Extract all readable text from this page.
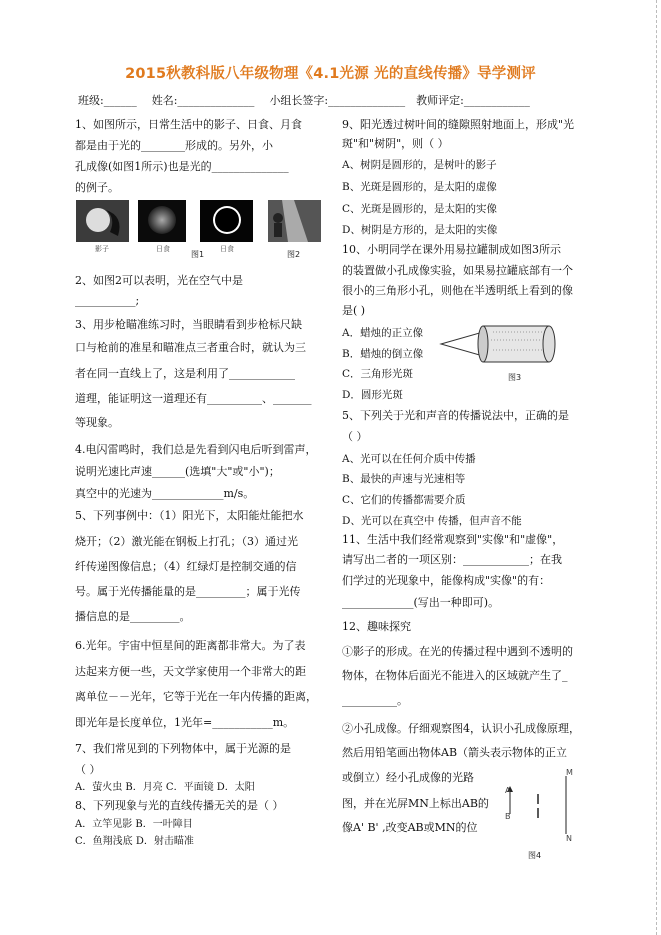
2015秋教科版八年级物理《4.1光源 光的直线传播》导学测评
班级:______ 姓名:______________ 小组长签字:______________ 教师评定:____________
1、如图所示，日常生活中的影子、日食、月食
都是由于光的________形成的。另外，小
孔成像(如图1所示)也是光的______________
的例子。
影子	日食	日食
图1	图2
2、如图2可以表明，光在空气中是
___________;
3、用步枪瞄准练习时，当眼睛看到步枪标尺缺
口与枪前的准星和瞄准点三者重合时，就认为三
者在同一直线上了，这是利用了____________
道理，能证明这一道理还有__________、_______
等现象。
4.电闪雷鸣时，我们总是先看到闪电后听到雷声，
说明光速比声速______(选填"大"或"小")；
真空中的光速为_____________m/s。
5、下列事例中：（1）阳光下，太阳能灶能把水
烧开；（2）激光能在钢板上打孔；（3）通过光
纤传递图像信息；（4）红绿灯是控制交通的信
号。属于光传播能量的是_________；属于光传
播信息的是_________。
6.光年。宇宙中恒星间的距离都非常大。为了表
达起来方便一些，天文学家使用一个非常大的距
离单位－－光年，它等于光在一年内传播的距离，
即光年是长度单位，1光年=___________m。
7、我们常见到的下列物体中，属于光源的是
（ ）
A．萤火虫 B．月亮 C．平面镜 D．太阳
8、下列现象与光的直线传播无关的是（ ）
A．立竿见影 B．一叶障目
C．鱼翔浅底 D．射击瞄准
9、阳光透过树叶间的缝隙照射地面上，形成"光
斑"和"树阴"，则（ ）
A、树阴是圆形的，是树叶的影子
B、光斑是圆形的，是太阳的虚像
C、光斑是圆形的，是太阳的实像
D、树阴是方形的，是太阳的实像
10、小明同学在课外用易拉罐制成如图3所示
的装置做小孔成像实验，如果易拉罐底部有一个
很小的三角形小孔，则他在半透明纸上看到的像
是( )
A．蜡烛的正立像
B．蜡烛的倒立像
C．三角形光斑
D．圆形光斑
图3
5、下列关于光和声音的传播说法中，正确的是
（ ）
A、光可以在任何介质中传播
B、最快的声速与光速相等
C、它们的传播都需要介质
D、光可以在真空中 传播，但声音不能
11、生活中我们经常观察到"实像"和"虚像"，
请写出二者的一项区别：____________；在我
们学过的光现象中，能像构成"实像"的有：
_____________(写出一种即可)。
12、趣味探究
①影子的形成。在光的传播过程中遇到不透明的
物体，在物体后面光不能进入的区域就产生了_
__________。
②小孔成像。仔细观察图4，认识小孔成像原理，
然后用铅笔画出物体AB（箭头表示物体的正立
或倒立）经小孔成像的光路
图，并在光屏MN上标出AB的
像A' B' ,改变AB或MN的位
M
A
B
N
图4
